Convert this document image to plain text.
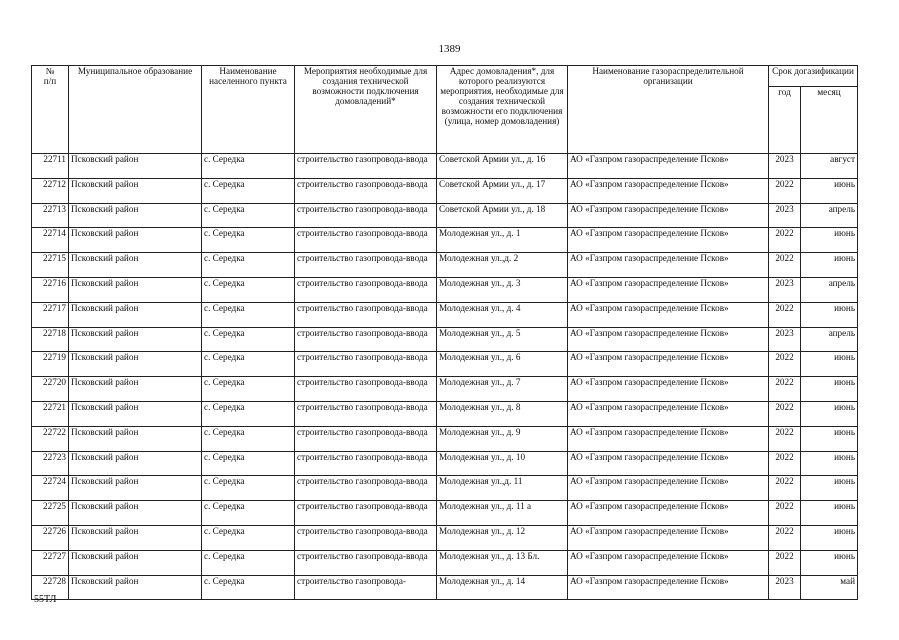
1389
№
п/п	Муниципальное образование	Наименование населенного пункта	Мероприятия необходимые для создания технической возможности подключения домовладений*	Адрес домовладения*, для которого реализуются мероприятия, необходимые для создания технической возможности его подключения (улица, номер домовладения)	Наименование газораспределительной организации	Срок догазификации	
						год	месяц
22711	Псковский район	с. Середка	строительство газопровода-ввода	Советской Армии ул., д. 16	АО «Газпром газораспределение Псков»	2023	август
22712	Псковский район	с. Середка	строительство газопровода-ввода	Советской Армии ул., д. 17	АО «Газпром газораспределение Псков»	2022	июнь
22713	Псковский район	с. Середка	строительство газопровода-ввода	Советской Армии ул., д. 18	АО «Газпром газораспределение Псков»	2023	апрель
22714	Псковский район	с. Середка	строительство газопровода-ввода	Молодежная ул., д. 1	АО «Газпром газораспределение Псков»	2022	июнь
22715	Псковский район	с. Середка	строительство газопровода-ввода	Молодежная ул.,д. 2	АО «Газпром газораспределение Псков»	2022	июнь
22716	Псковский район	с. Середка	строительство газопровода-ввода	Молодежная ул., д. 3	АО «Газпром газораспределение Псков»	2023	апрель
22717	Псковский район	с. Середка	строительство газопровода-ввода	Молодежная ул., д. 4	АО «Газпром газораспределение Псков»	2022	июнь
22718	Псковский район	с. Середка	строительство газопровода-ввода	Молодежная ул., д. 5	АО «Газпром газораспределение Псков»	2023	апрель
22719	Псковский район	с. Середка	строительство газопровода-ввода	Молодежная ул., д. 6	АО «Газпром газораспределение Псков»	2022	июнь
22720	Псковский район	с. Середка	строительство газопровода-ввода	Молодежная ул., д. 7	АО «Газпром газораспределение Псков»	2022	июнь
22721	Псковский район	с. Середка	строительство газопровода-ввода	Молодежная ул., д. 8	АО «Газпром газораспределение Псков»	2022	июнь
22722	Псковский район	с. Середка	строительство газопровода-ввода	Молодежная ул., д. 9	АО «Газпром газораспределение Псков»	2022	июнь
22723	Псковский район	с. Середка	строительство газопровода-ввода	Молодежная ул., д. 10	АО «Газпром газораспределение Псков»	2022	июнь
22724	Псковский район	с. Середка	строительство газопровода-ввода	Молодежная ул.,д. 11	АО «Газпром газораспределение Псков»	2022	июнь
22725	Псковский район	с. Середка	строительство газопровода-ввода	Молодежная ул., д. 11 а	АО «Газпром газораспределение Псков»	2022	июнь
22726	Псковский район	с. Середка	строительство газопровода-ввода	Молодежная ул., д. 12	АО «Газпром газораспределение Псков»	2022	июнь
22727	Псковский район	с. Середка	строительство газопровода-ввода	Молодежная ул., д. 13 Бл.	АО «Газпром газораспределение Псков»	2022	июнь
22728	Псковский район	с. Середка	строительство газопровода-	Молодежная ул., д. 14	АО «Газпром газораспределение Псков»	2023	май
55ТЛ
